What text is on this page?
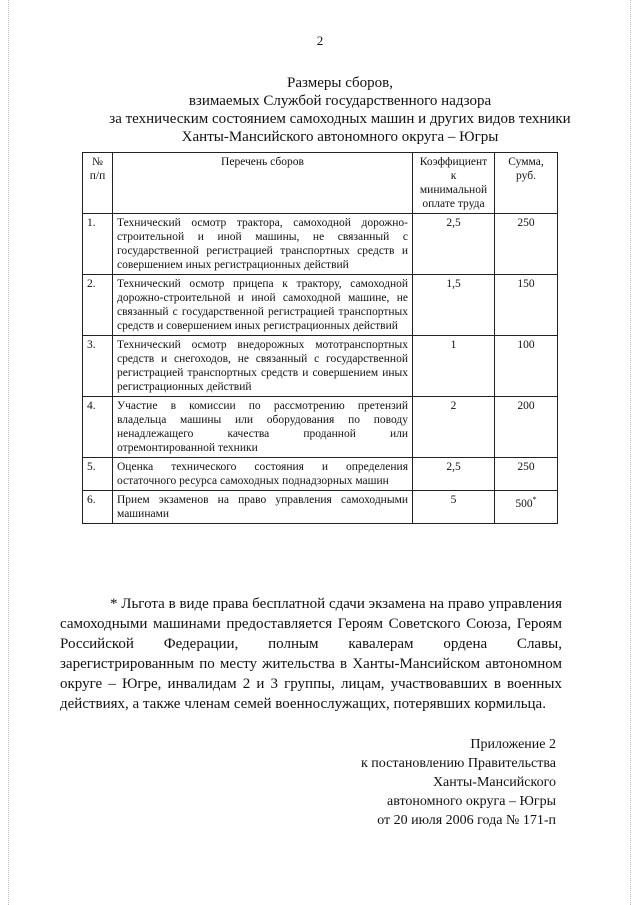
2
Размеры сборов,
взимаемых Службой государственного надзора
за техническим состоянием самоходных машин и других видов техники
Ханты-Мансийского автономного округа – Югры
№ п/п	Перечень сборов	Коэффициент к минимальной оплате труда	Сумма, руб.
1.	Технический осмотр трактора, самоходной дорожно-строительной и иной машины, не связанный с государственной регистрацией транспортных средств и совершением иных регистрационных действий	2,5	250
2.	Технический осмотр прицепа к трактору, самоходной дорожно-строительной и иной самоходной машине, не связанный с государственной регистрацией транспортных средств и совершением иных регистрационных действий	1,5	150
3.	Технический осмотр внедорожных мототранспортных средств и снегоходов, не связанный с государственной регистрацией транспортных средств и совершением иных регистрационных действий	1	100
4.	Участие в комиссии по рассмотрению претензий владельца машины или оборудования по поводу ненадлежащего качества проданной или отремонтированной техники	2	200
5.	Оценка технического состояния и определения остаточного ресурса самоходных поднадзорных машин	2,5	250
6.	Прием экзаменов на право управления самоходными машинами	5	500*
* Льгота в виде права бесплатной сдачи экзамена на право управления самоходными машинами предоставляется Героям Советского Союза, Героям Российской Федерации, полным кавалерам ордена Славы, зарегистрированным по месту жительства в Ханты-Мансийском автономном округе – Югре, инвалидам 2 и 3 группы, лицам, участвовавших в военных действиях, а также членам семей военнослужащих, потерявших кормильца.
Приложение 2
к постановлению Правительства
Ханты-Мансийского
автономного округа – Югры
от 20 июля 2006 года № 171-п
